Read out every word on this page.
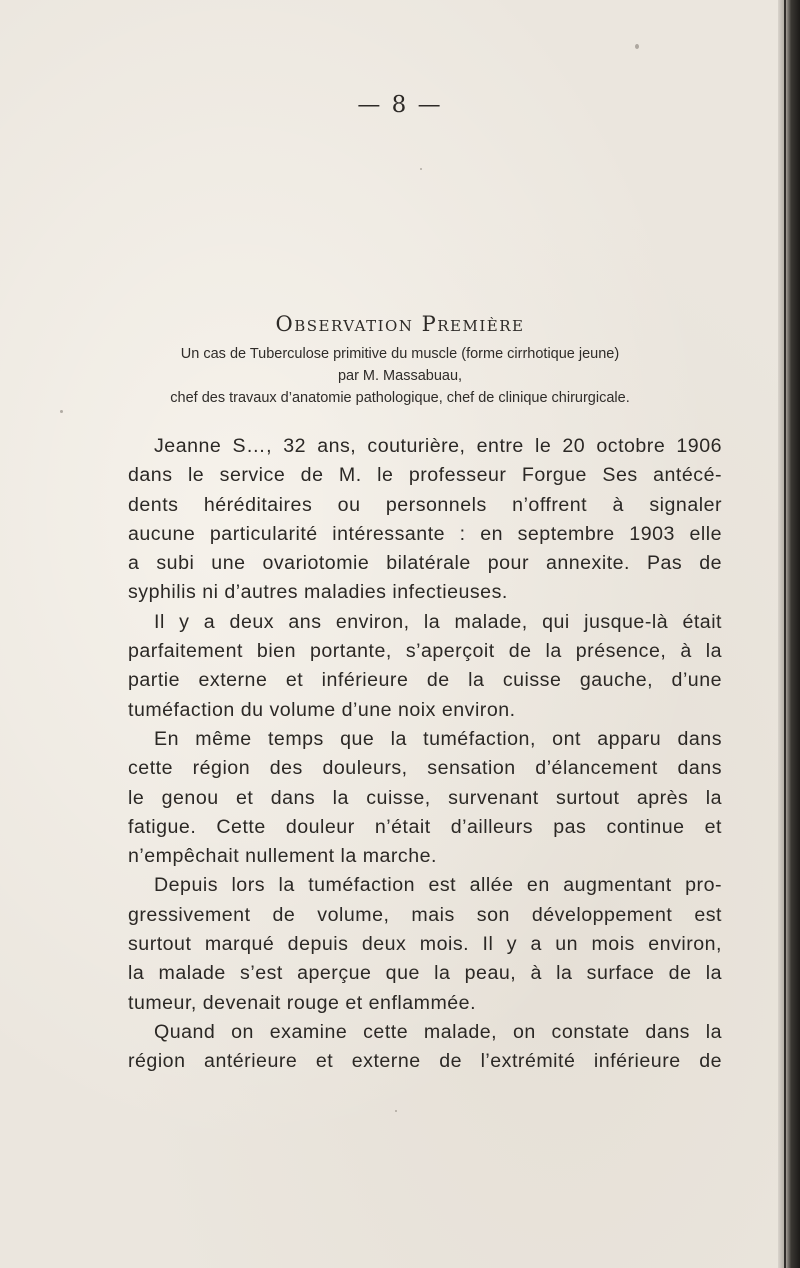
— 8 —
Observation Première
Un cas de Tuberculose primitive du muscle (forme cirrhotique jeune)
par M. Massabuau,
chef des travaux d’anatomie pathologique, chef de clinique chirurgicale.
Jeanne S…, 32 ans, couturière, entre le 20 octobre 1906
dans le service de M. le professeur Forgue Ses antécé-
dents héréditaires ou personnels n’offrent à signaler
aucune particularité intéressante : en septembre 1903 elle
a subi une ovariotomie bilatérale pour annexite. Pas de
syphilis ni d’autres maladies infectieuses.
Il y a deux ans environ, la malade, qui jusque-là était
parfaitement bien portante, s’aperçoit de la présence, à la
partie externe et inférieure de la cuisse gauche, d’une
tuméfaction du volume d’une noix environ.
En même temps que la tuméfaction, ont apparu dans
cette région des douleurs, sensation d’élancement dans
le genou et dans la cuisse, survenant surtout après la
fatigue. Cette douleur n’était d’ailleurs pas continue et
n’empêchait nullement la marche.
Depuis lors la tuméfaction est allée en augmentant pro-
gressivement de volume, mais son développement est
surtout marqué depuis deux mois. Il y a un mois environ,
la malade s’est aperçue que la peau, à la surface de la
tumeur, devenait rouge et enflammée.
Quand on examine cette malade, on constate dans la
région antérieure et externe de l’extrémité inférieure de
